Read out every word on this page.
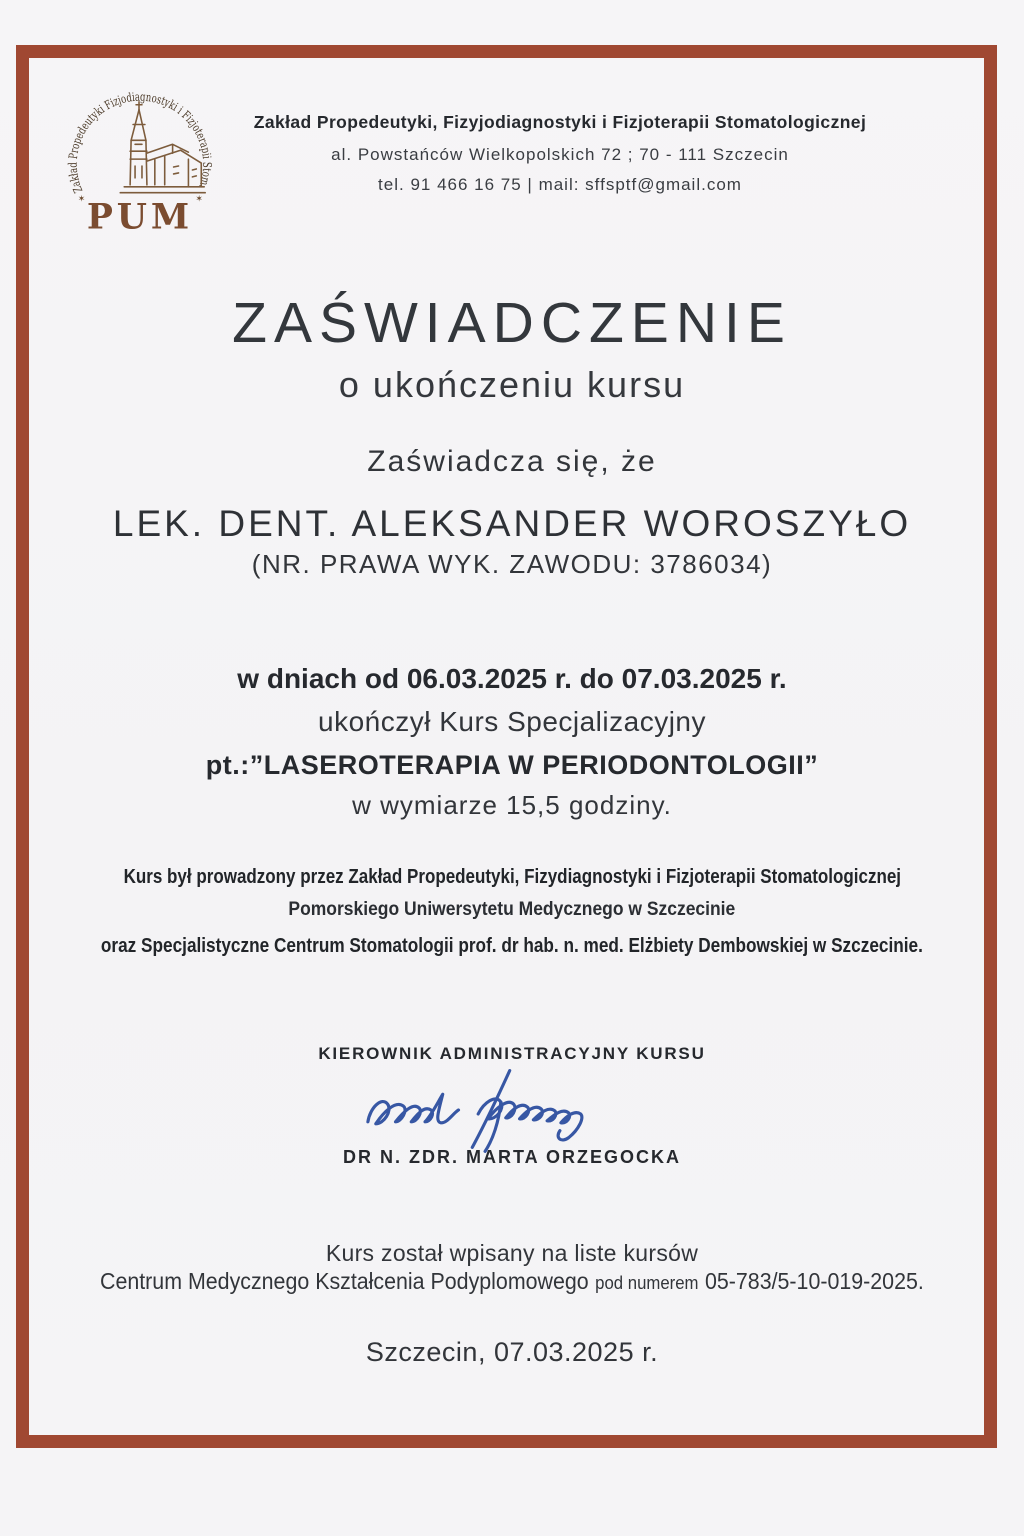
Zakład Propedeutyki Fizjodiagnostyki i Fizjoterapii Stom.
✶	✶
PUM
Zakład Propedeutyki, Fizyjodiagnostyki i Fizjoterapii Stomatologicznej
al. Powstańców Wielkopolskich 72 ; 70 - 111 Szczecin
tel. 91 466 16 75 | mail: sffsptf@gmail.com
ZAŚWIADCZENIE
o ukończeniu kursu
Zaświadcza się, że
LEK. DENT. ALEKSANDER WOROSZYŁO
(NR. PRAWA WYK. ZAWODU: 3786034)
w dniach od 06.03.2025 r. do 07.03.2025 r.
ukończył Kurs Specjalizacyjny
pt.:”LASEROTERAPIA W PERIODONTOLOGII”
w wymiarze 15,5 godziny.
Kurs był prowadzony przez Zakład Propedeutyki, Fizydiagnostyki i Fizjoterapii Stomatologicznej
Pomorskiego Uniwersytetu Medycznego w Szczecinie
oraz Specjalistyczne Centrum Stomatologii prof. dr hab. n. med. Elżbiety Dembowskiej w Szczecinie.
KIEROWNIK ADMINISTRACYJNY KURSU
DR N. ZDR. MARTA ORZEGOCKA
Kurs został wpisany na liste kursów
Centrum Medycznego Kształcenia Podyplomowego pod numerem 05-783/5-10-019-2025.
Szczecin, 07.03.2025 r.
